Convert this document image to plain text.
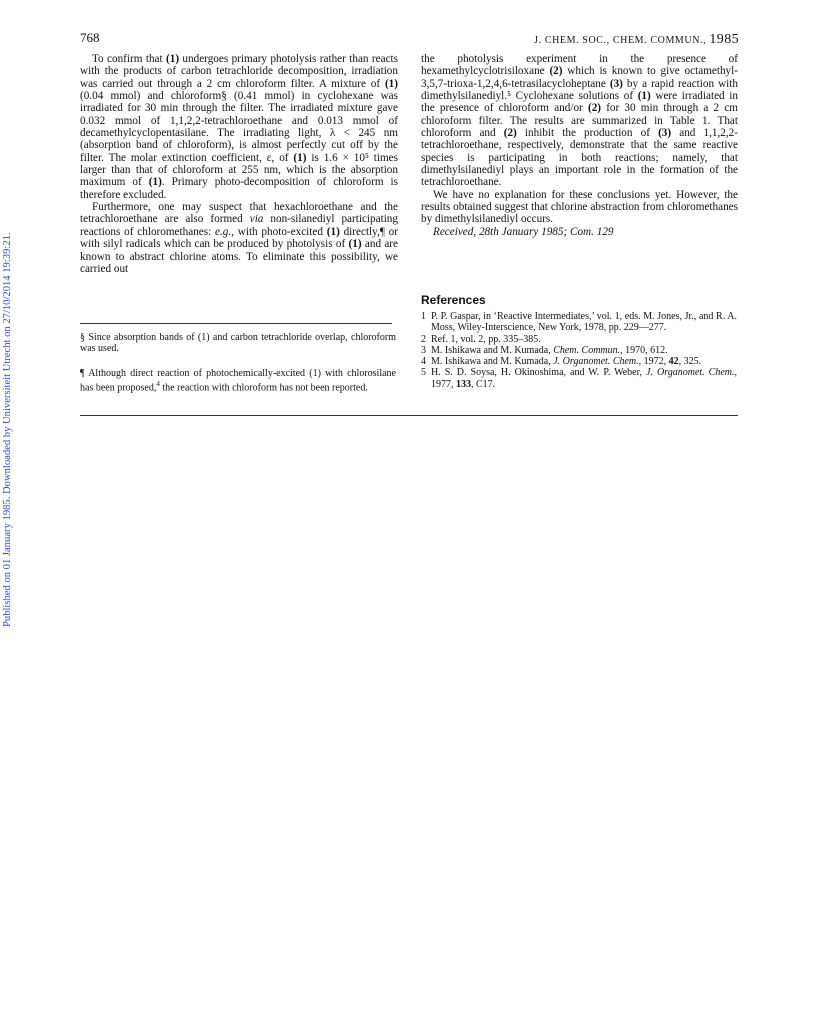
768	J. CHEM. SOC., CHEM. COMMUN., 1985
Published on 01 January 1985. Downloaded by Universiteit Utrecht on 27/10/2014 19:39:21.

To confirm that (1) undergoes primary photolysis rather than reacts with the products of carbon tetrachloride decomposition, irradiation was carried out through a 2 cm chloroform filter. A mixture of (1) (0.04 mmol) and chloroform§ (0.41 mmol) in cyclohexane was irradiated for 30 min through the filter. The irradiated mixture gave 0.032 mmol of 1,1,2,2-tetrachloroethane and 0.013 mmol of decamethylcyclopentasilane. The irradiating light, λ < 245 nm (absorption band of chloroform), is almost perfectly cut off by the filter. The molar extinction coefficient, ε, of (1) is 1.6 × 10⁵ times larger than that of chloroform at 255 nm, which is the absorption maximum of (1). Primary photo-decomposition of chloroform is therefore excluded.

Furthermore, one may suspect that hexachloroethane and the tetrachloroethane are also formed via non-silanediyl participating reactions of chloromethanes: e.g., with photo-excited (1) directly,¶ or with silyl radicals which can be produced by photolysis of (1) and are known to abstract chlorine atoms. To eliminate this possibility, we carried out

§ Since absorption bands of (1) and carbon tetrachloride overlap, chloroform was used.

¶ Although direct reaction of photochemically-excited (1) with chlorosilane has been proposed,$^4$ the reaction with chloroform has not been reported.

the photolysis experiment in the presence of hexamethylcyclotrisiloxane (2) which is known to give octamethyl-3,5,7-trioxa-1,2,4,6-tetrasilacycloheptane (3) by a rapid reaction with dimethylsilanediyl.⁵ Cyclohexane solutions of (1) were irradiated in the presence of chloroform and/or (2) for 30 min through a 2 cm chloroform filter. The results are summarized in Table 1. That chloroform and (2) inhibit the production of (3) and 1,1,2,2-tetrachloroethane, respectively, demonstrate that the same reactive species is participating in both reactions; namely, that dimethylsilanediyl plays an important role in the formation of the tetrachloroethane.

We have no explanation for these conclusions yet. However, the results obtained suggest that chlorine abstraction from chloromethanes by dimethylsilanediyl occurs.

Received, 28th January 1985; Com. 129

References
1 P. P. Gaspar, in ‘Reactive Intermediates,’ vol. 1, eds. M. Jones, Jr., and R. A. Moss, Wiley-Interscience, New York, 1978, pp. 229—277.
2 Ref. 1, vol. 2, pp. 335–385.
3 M. Ishikawa and M. Kumada, Chem. Commun., 1970, 612.
4 M. Ishikawa and M. Kumada, J. Organomet. Chem., 1972, 42, 325.
5 H. S. D. Soysa, H. Okinoshima, and W. P. Weber, J. Organomet. Chem., 1977, 133, C17.
